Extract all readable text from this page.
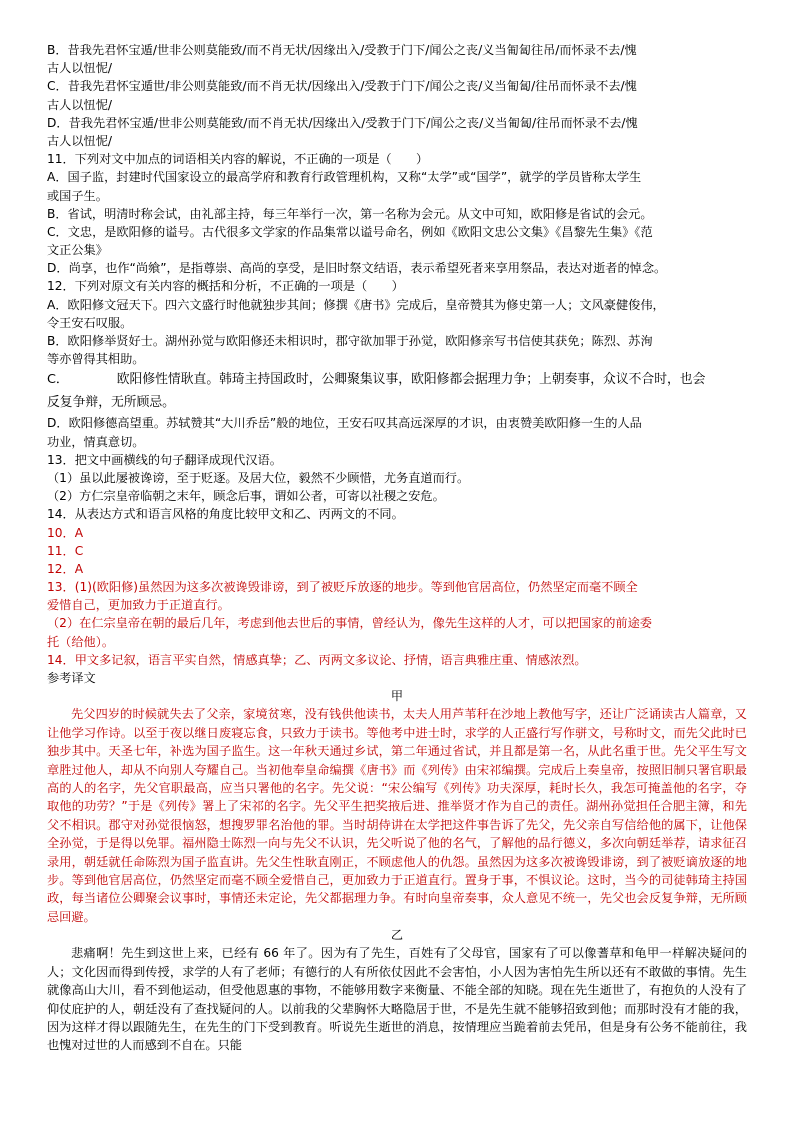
B．昔我先君怀宝遁/世非公则莫能致/而不肖无状/因缘出入/受教于门下/闻公之丧/义当匍匐往吊/而怀录不去/愧
古人以忸怩/
C．昔我先君怀宝遁世/非公则莫能致/而不肖无状/因缘出入/受教于门下/闻公之丧/义当匍匐/往吊而怀录不去/愧
古人以忸怩/
D．昔我先君怀宝遁/世非公则莫能致/而不肖无状/因缘出入/受教于门下/闻公之丧/义当匍匐/往吊而怀录不去/愧
古人以忸怩/
11．下列对文中加点的词语相关内容的解说，不正确的一项是（　　）
A．国子监，封建时代国家设立的最高学府和教育行政管理机构，又称“太学”或“国学”，就学的学员皆称太学生
或国子生。
B．省试，明清时称会试，由礼部主持，每三年举行一次，第一名称为会元。从文中可知，欧阳修是省试的会元。
C．文忠，是欧阳修的谥号。古代很多文学家的作品集常以谥号命名，例如《欧阳文忠公文集》《昌黎先生集》《范
文正公集》
D．尚享，也作“尚飨”，是指尊崇、高尚的享受，是旧时祭文结语，表示希望死者来享用祭品，表达对逝者的悼念。
12．下列对原文有关内容的概括和分析，不正确的一项是（　　）
A．欧阳修文冠天下。四六文盛行时他就独步其间；修撰《唐书》完成后，皇帝赞其为修史第一人；文风豪健俊伟，
令王安石叹服。
B．欧阳修举贤好士。湖州孙觉与欧阳修还未相识时，郡守欲加罪于孙觉，欧阳修亲写书信使其获免；陈烈、苏洵
等亦曾得其相助。
C．	欧阳修性情耿直。韩琦主持国政时，公卿聚集议事，欧阳修都会据理力争；上朝奏事，众议不合时，也会
反复争辩，无所顾忌。
D．欧阳修德高望重。苏轼赞其“大川乔岳”般的地位，王安石叹其高远深厚的才识，由衷赞美欧阳修一生的人品
功业，情真意切。
13．把文中画横线的句子翻译成现代汉语。
（1）虽以此屡被谗谤，至于贬逐。及居大位，毅然不少顾惜，尤务直道而行。
（2）方仁宗皇帝临朝之末年，顾念后事，谓如公者，可寄以社稷之安危。
14．从表达方式和语言风格的角度比较甲文和乙、丙两文的不同。
10．A
11．C
12．A
13．(1)(欧阳修)虽然因为这多次被谗毁诽谤，到了被贬斥放逐的地步。等到他官居高位，仍然坚定而毫不顾全
爱惜自己，更加致力于正道直行。
（2）在仁宗皇帝在朝的最后几年，考虑到他去世后的事情，曾经认为，像先生这样的人才，可以把国家的前途委
托（给他）。
14．甲文多记叙，语言平实自然，情感真挚；乙、丙两文多议论、抒情，语言典雅庄重、情感浓烈。
参考译文
甲
先父四岁的时候就失去了父亲，家境贫寒，没有钱供他读书，太夫人用芦苇秆在沙地上教他写字，还让广泛诵读古人篇章，又让他学习作诗。以至于夜以继日废寝忘食，只致力于读书。等他考中进士时，求学的人正盛行写作骈文，号称时文，而先父此时已独步其中。天圣七年，补选为国子监生。这一年秋天通过乡试，第二年通过省试，并且都是第一名，从此名重于世。先父平生写文章胜过他人，却从不向别人夸耀自己。当初他奉皇命编撰《唐书》而《列传》由宋祁编撰。完成后上奏皇帝，按照旧制只署官职最高的人的名字，先父官职最高，应当只署他的名字。先父说：“宋公编写《列传》功夫深厚，耗时长久，我怎可掩盖他的名字，夺取他的功劳？”于是《列传》署上了宋祁的名字。先父平生把奖掖后进、推举贤才作为自己的责任。湖州孙觉担任合肥主簿，和先父不相识。郡守对孙觉很恼怒，想搜罗罪名治他的罪。当时胡侍讲在太学把这件事告诉了先父，先父亲自写信给他的属下，让他保全孙觉，于是得以免罪。福州隐士陈烈一向与先父不认识，先父听说了他的名气，了解他的品行德义，多次向朝廷举荐，请求征召录用，朝廷就任命陈烈为国子监直讲。先父生性耿直刚正，不顾虑他人的仇怨。虽然因为这多次被谗毁诽谤，到了被贬谪放逐的地步。等到他官居高位，仍然坚定而毫不顾全爱惜自己，更加致力于正道直行。置身于事，不惧议论。这时，当今的司徒韩琦主持国政，每当诸位公卿聚会议事时，事情还未定论，先父都据理力争。有时向皇帝奏事，众人意见不统一，先父也会反复争辩，无所顾忌回避。
乙
悲痛啊！先生到这世上来，已经有 66 年了。因为有了先生，百姓有了父母官，国家有了可以像蓍草和龟甲一样解决疑问的人；文化因而得到传授，求学的人有了老师；有德行的人有所依仗因此不会害怕，小人因为害怕先生所以还有不敢做的事情。先生就像高山大川，看不到他运动，但受他恩惠的事物，不能够用数字来衡量、不能全部的知晓。现在先生逝世了，有抱负的人没有了仰仗庇护的人，朝廷没有了查找疑问的人。以前我的父辈胸怀大略隐居于世，不是先生就不能够招致到他；而那时没有才能的我，因为这样才得以跟随先生，在先生的门下受到教育。听说先生逝世的消息，按情理应当跪着前去凭吊，但是身有公务不能前往，我也愧对过世的人而感到不自在。只能
